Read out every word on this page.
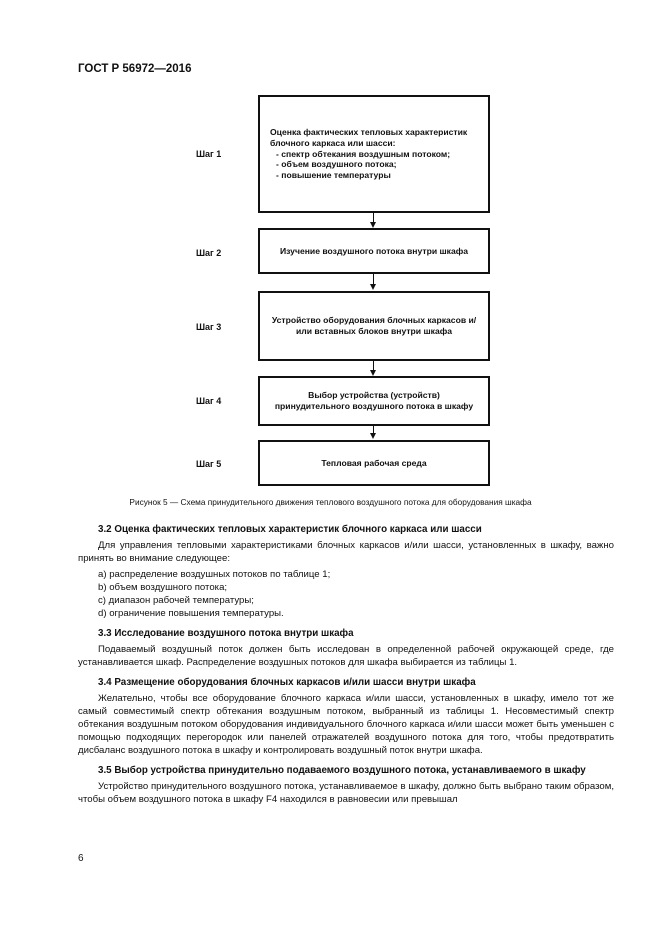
ГОСТ Р 56972—2016
Шаг 1
Оценка фактических тепловых характеристик блочного каркаса или шасси:
- спектр обтекания воздушным потоком;
- объем воздушного потока;
- повышение температуры
Шаг 2	Изучение воздушного потока внутри шкафа
Шаг 3
Устройство оборудования блочных каркасов и/или вставных блоков внутри шкафа
Шаг 4
Выбор устройства (устройств) принудительного воздушного потока в шкафу
Шаг 5	Тепловая рабочая среда
Рисунок 5 — Схема принудительного движения теплового воздушного потока для оборудования шкафа
3.2 Оценка фактических тепловых характеристик блочного каркаса или шасси

Для управления тепловыми характеристиками блочных каркасов и/или шасси, установленных в шкафу, важно принять во внимание следующее:

a) распределение воздушных потоков по таблице 1;
b) объем воздушного потока;
c) диапазон рабочей температуры;
d) ограничение повышения температуры.
3.3 Исследование воздушного потока внутри шкафа

Подаваемый воздушный поток должен быть исследован в определенной рабочей окружающей среде, где устанавливается шкаф. Распределение воздушных потоков для шкафа выбирается из таблицы 1.

3.4 Размещение оборудования блочных каркасов и/или шасси внутри шкафа

Желательно, чтобы все оборудование блочного каркаса и/или шасси, установленных в шкафу, имело тот же самый совместимый спектр обтекания воздушным потоком, выбранный из таблицы 1. Несовместимый спектр обтекания воздушным потоком оборудования индивидуального блочного каркаса и/или шасси может быть уменьшен с помощью подходящих перегородок или панелей отражателей воздушного потока для того, чтобы предотвратить дисбаланс воздушного потока в шкафу и контролировать воздушный поток внутри шкафа.

3.5 Выбор устройства принудительно подаваемого воздушного потока, устанавливаемого в шкафу

Устройство принудительного воздушного потока, устанавливаемое в шкафу, должно быть выбрано таким образом, чтобы объем воздушного потока в шкафу F4 находился в равновесии или превышал

6
